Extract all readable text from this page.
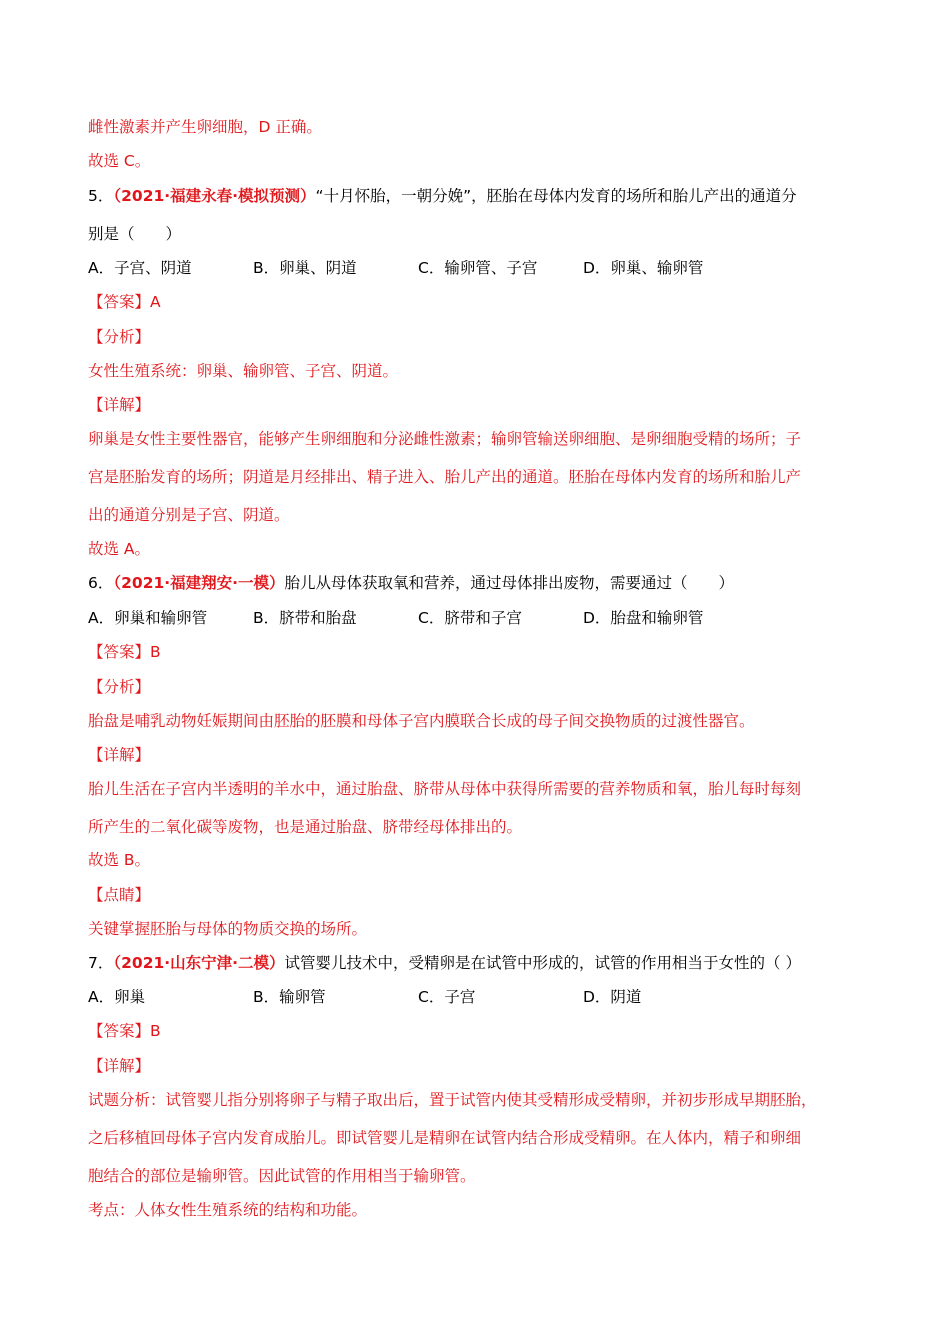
雌性激素并产生卵细胞，D 正确。
故选 C。
5．（2021·福建永春·模拟预测）“十月怀胎，一朝分娩”，胚胎在母体内发育的场所和胎儿产出的通道分
别是（　　）
A．子宫、阴道	B．卵巢、阴道	C．输卵管、子宫	D．卵巢、输卵管
【答案】A
【分析】
女性生殖系统：卵巢、输卵管、子宫、阴道。
【详解】
卵巢是女性主要性器官，能够产生卵细胞和分泌雌性激素；输卵管输送卵细胞、是卵细胞受精的场所；子
宫是胚胎发育的场所；阴道是月经排出、精子进入、胎儿产出的通道。胚胎在母体内发育的场所和胎儿产
出的通道分别是子宫、阴道。
故选 A。
6．（2021·福建翔安·一模）胎儿从母体获取氧和营养，通过母体排出废物，需要通过（　　）
A．卵巢和输卵管	B．脐带和胎盘	C．脐带和子宫	D．胎盘和输卵管
【答案】B
【分析】
胎盘是哺乳动物妊娠期间由胚胎的胚膜和母体子宫内膜联合长成的母子间交换物质的过渡性器官。
【详解】
胎儿生活在子宫内半透明的羊水中，通过胎盘、脐带从母体中获得所需要的营养物质和氧，胎儿每时每刻
所产生的二氧化碳等废物，也是通过胎盘、脐带经母体排出的。
故选 B。
【点睛】
关键掌握胚胎与母体的物质交换的场所。
7．（2021·山东宁津·二模）试管婴儿技术中，受精卵是在试管中形成的，试管的作用相当于女性的（ ）
A．卵巢	B．输卵管	C．子宫	D．阴道
【答案】B
【详解】
试题分析：试管婴儿指分别将卵子与精子取出后，置于试管内使其受精形成受精卵，并初步形成早期胚胎，
之后移植回母体子宫内发育成胎儿。即试管婴儿是精卵在试管内结合形成受精卵。在人体内，精子和卵细
胞结合的部位是输卵管。因此试管的作用相当于输卵管。
考点：人体女性生殖系统的结构和功能。
